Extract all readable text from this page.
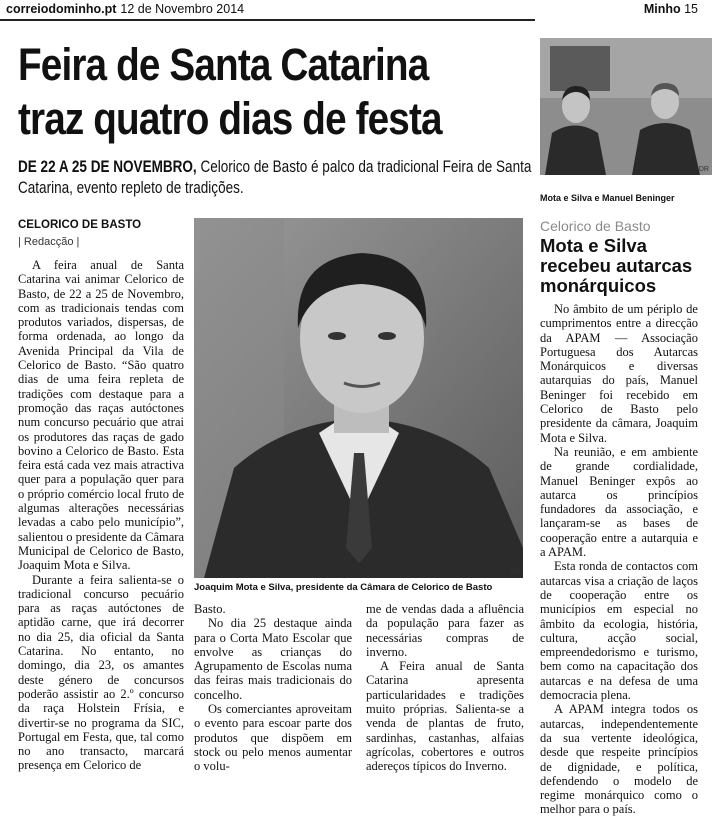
correiodominho.pt 12 de Novembro 2014	Minho 15
Feira de Santa Catarina
traz quatro dias de festa
DE 22 A 25 DE NOVEMBRO, Celorico de Basto é palco da tradicional Feira de Santa Catarina, evento repleto de tradições.
CELORICO DE BASTO
| Redacção |

A feira anual de Santa Catarina vai animar Celorico de Basto, de 22 a 25 de Novembro, com as tradicionais tendas com produtos variados, dispersas, de forma ordenada, ao longo da Avenida Principal da Vila de Celorico de Basto. “São quatro dias de uma feira repleta de tradições com destaque para a promoção das raças autóctones num concurso pecuário que atrai os produtores das raças de gado bovino a Celorico de Basto. Esta feira está cada vez mais atractiva quer para a população quer para o próprio comércio local fruto de algumas alterações necessárias levadas a cabo pelo município”, salientou o presidente da Câmara Municipal de Celorico de Basto, Joaquim Mota e Silva.

Durante a feira salienta-se o tradicional concurso pecuário para as raças autóctones de aptidão carne, que irá decorrer no dia 25, dia oficial da Santa Catarina. No entanto, no domingo, dia 23, os amantes deste género de concursos poderão assistir ao 2.º concurso da raça Holstein Frísia, e divertir-se no programa da SIC, Portugal em Festa, que, tal como no ano transacto, marcará presença em Celorico de

DR
Joaquim Mota e Silva, presidente da Câmara de Celorico de Basto

Basto.

No dia 25 destaque ainda para o Corta Mato Escolar que envolve as crianças do Agrupamento de Escolas numa das feiras mais tradicionais do concelho.

Os comerciantes aproveitam o evento para escoar parte dos produtos que dispõem em stock ou pelo menos aumentar o volu-

me de vendas dada a afluência da população para fazer as necessárias compras de inverno.

A Feira anual de Santa Catarina apresenta particularidades e tradições muito próprias. Salienta-se a venda de plantas de fruto, sardinhas, castanhas, alfaias agrícolas, cobertores e outros adereços típicos do Inverno.

DR
Mota e Silva e Manuel Beninger
Celorico de Basto
Mota e Silva
recebeu autarcas
monárquicos

No âmbito de um périplo de cumprimentos entre a direcção da APAM — Associação Portuguesa dos Autarcas Monárquicos e diversas autarquias do país, Manuel Beninger foi recebido em Celorico de Basto pelo presidente da câmara, Joaquim Mota e Silva.

Na reunião, e em ambiente de grande cordialidade, Manuel Beninger expôs ao autarca os princípios fundadores da associação, e lançaram-se as bases de cooperação entre a autarquia e a APAM.

Esta ronda de contactos com autarcas visa a criação de laços de cooperação entre os municípios em especial no âmbito da ecologia, história, cultura, acção social, empreendedorismo e turismo, bem como na capacitação dos autarcas e na defesa de uma democracia plena.

A APAM integra todos os autarcas, independentemente da sua vertente ideológica, desde que respeite princípios de dignidade, e política, defendendo o modelo de regime monárquico como o melhor para o país.
